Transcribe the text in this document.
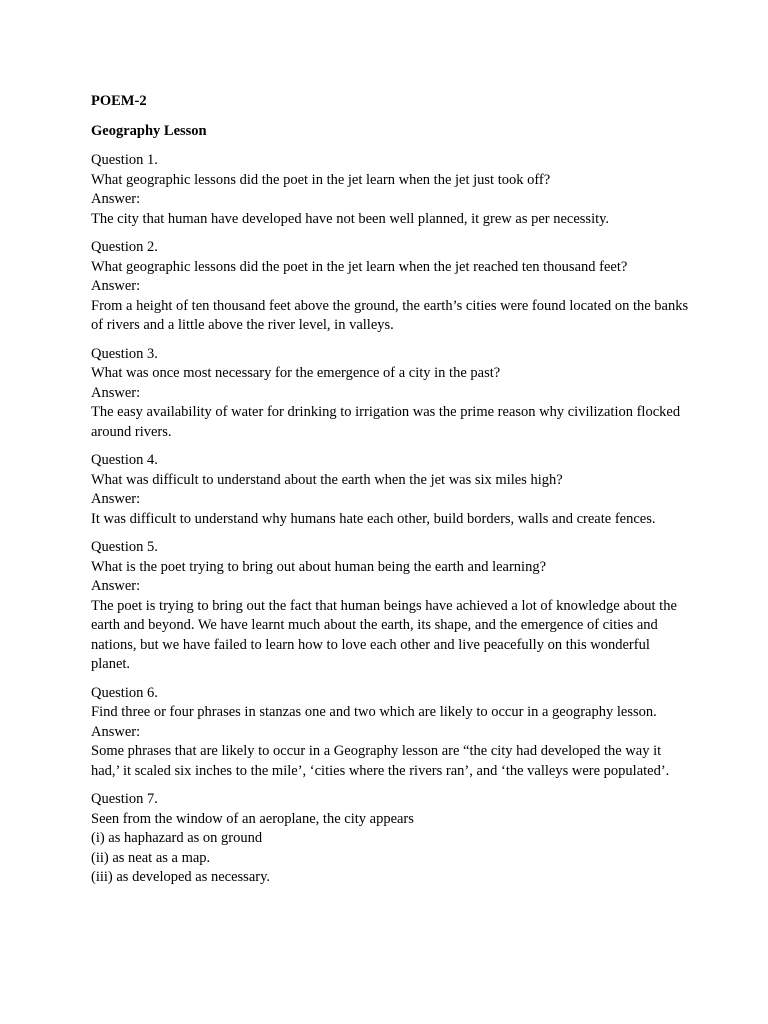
POEM-2
Geography Lesson
Question 1.
What geographic lessons did the poet in the jet learn when the jet just took off?
Answer:
The city that human have developed have not been well planned, it grew as per necessity.
Question 2.
What geographic lessons did the poet in the jet learn when the jet reached ten thousand feet?
Answer:
From a height of ten thousand feet above the ground, the earth’s cities were found located on the banks of rivers and a little above the river level, in valleys.
Question 3.
What was once most necessary for the emergence of a city in the past?
Answer:
The easy availability of water for drinking to irrigation was the prime reason why civilization flocked around rivers.
Question 4.
What was difficult to understand about the earth when the jet was six miles high?
Answer:
It was difficult to understand why humans hate each other, build borders, walls and create fences.
Question 5.
What is the poet trying to bring out about human being the earth and learning?
Answer:
The poet is trying to bring out the fact that human beings have achieved a lot of knowledge about the earth and beyond. We have learnt much about the earth, its shape, and the emergence of cities and nations, but we have failed to learn how to love each other and live peacefully on this wonderful planet.
Question 6.
Find three or four phrases in stanzas one and two which are likely to occur in a geography lesson.
Answer:
Some phrases that are likely to occur in a Geography lesson are “the city had developed the way it had,’ it scaled six inches to the mile’, ‘cities where the rivers ran’, and ‘the valleys were populated’.
Question 7.
Seen from the window of an aeroplane, the city appears
(i) as haphazard as on ground
(ii) as neat as a map.
(iii) as developed as necessary.
